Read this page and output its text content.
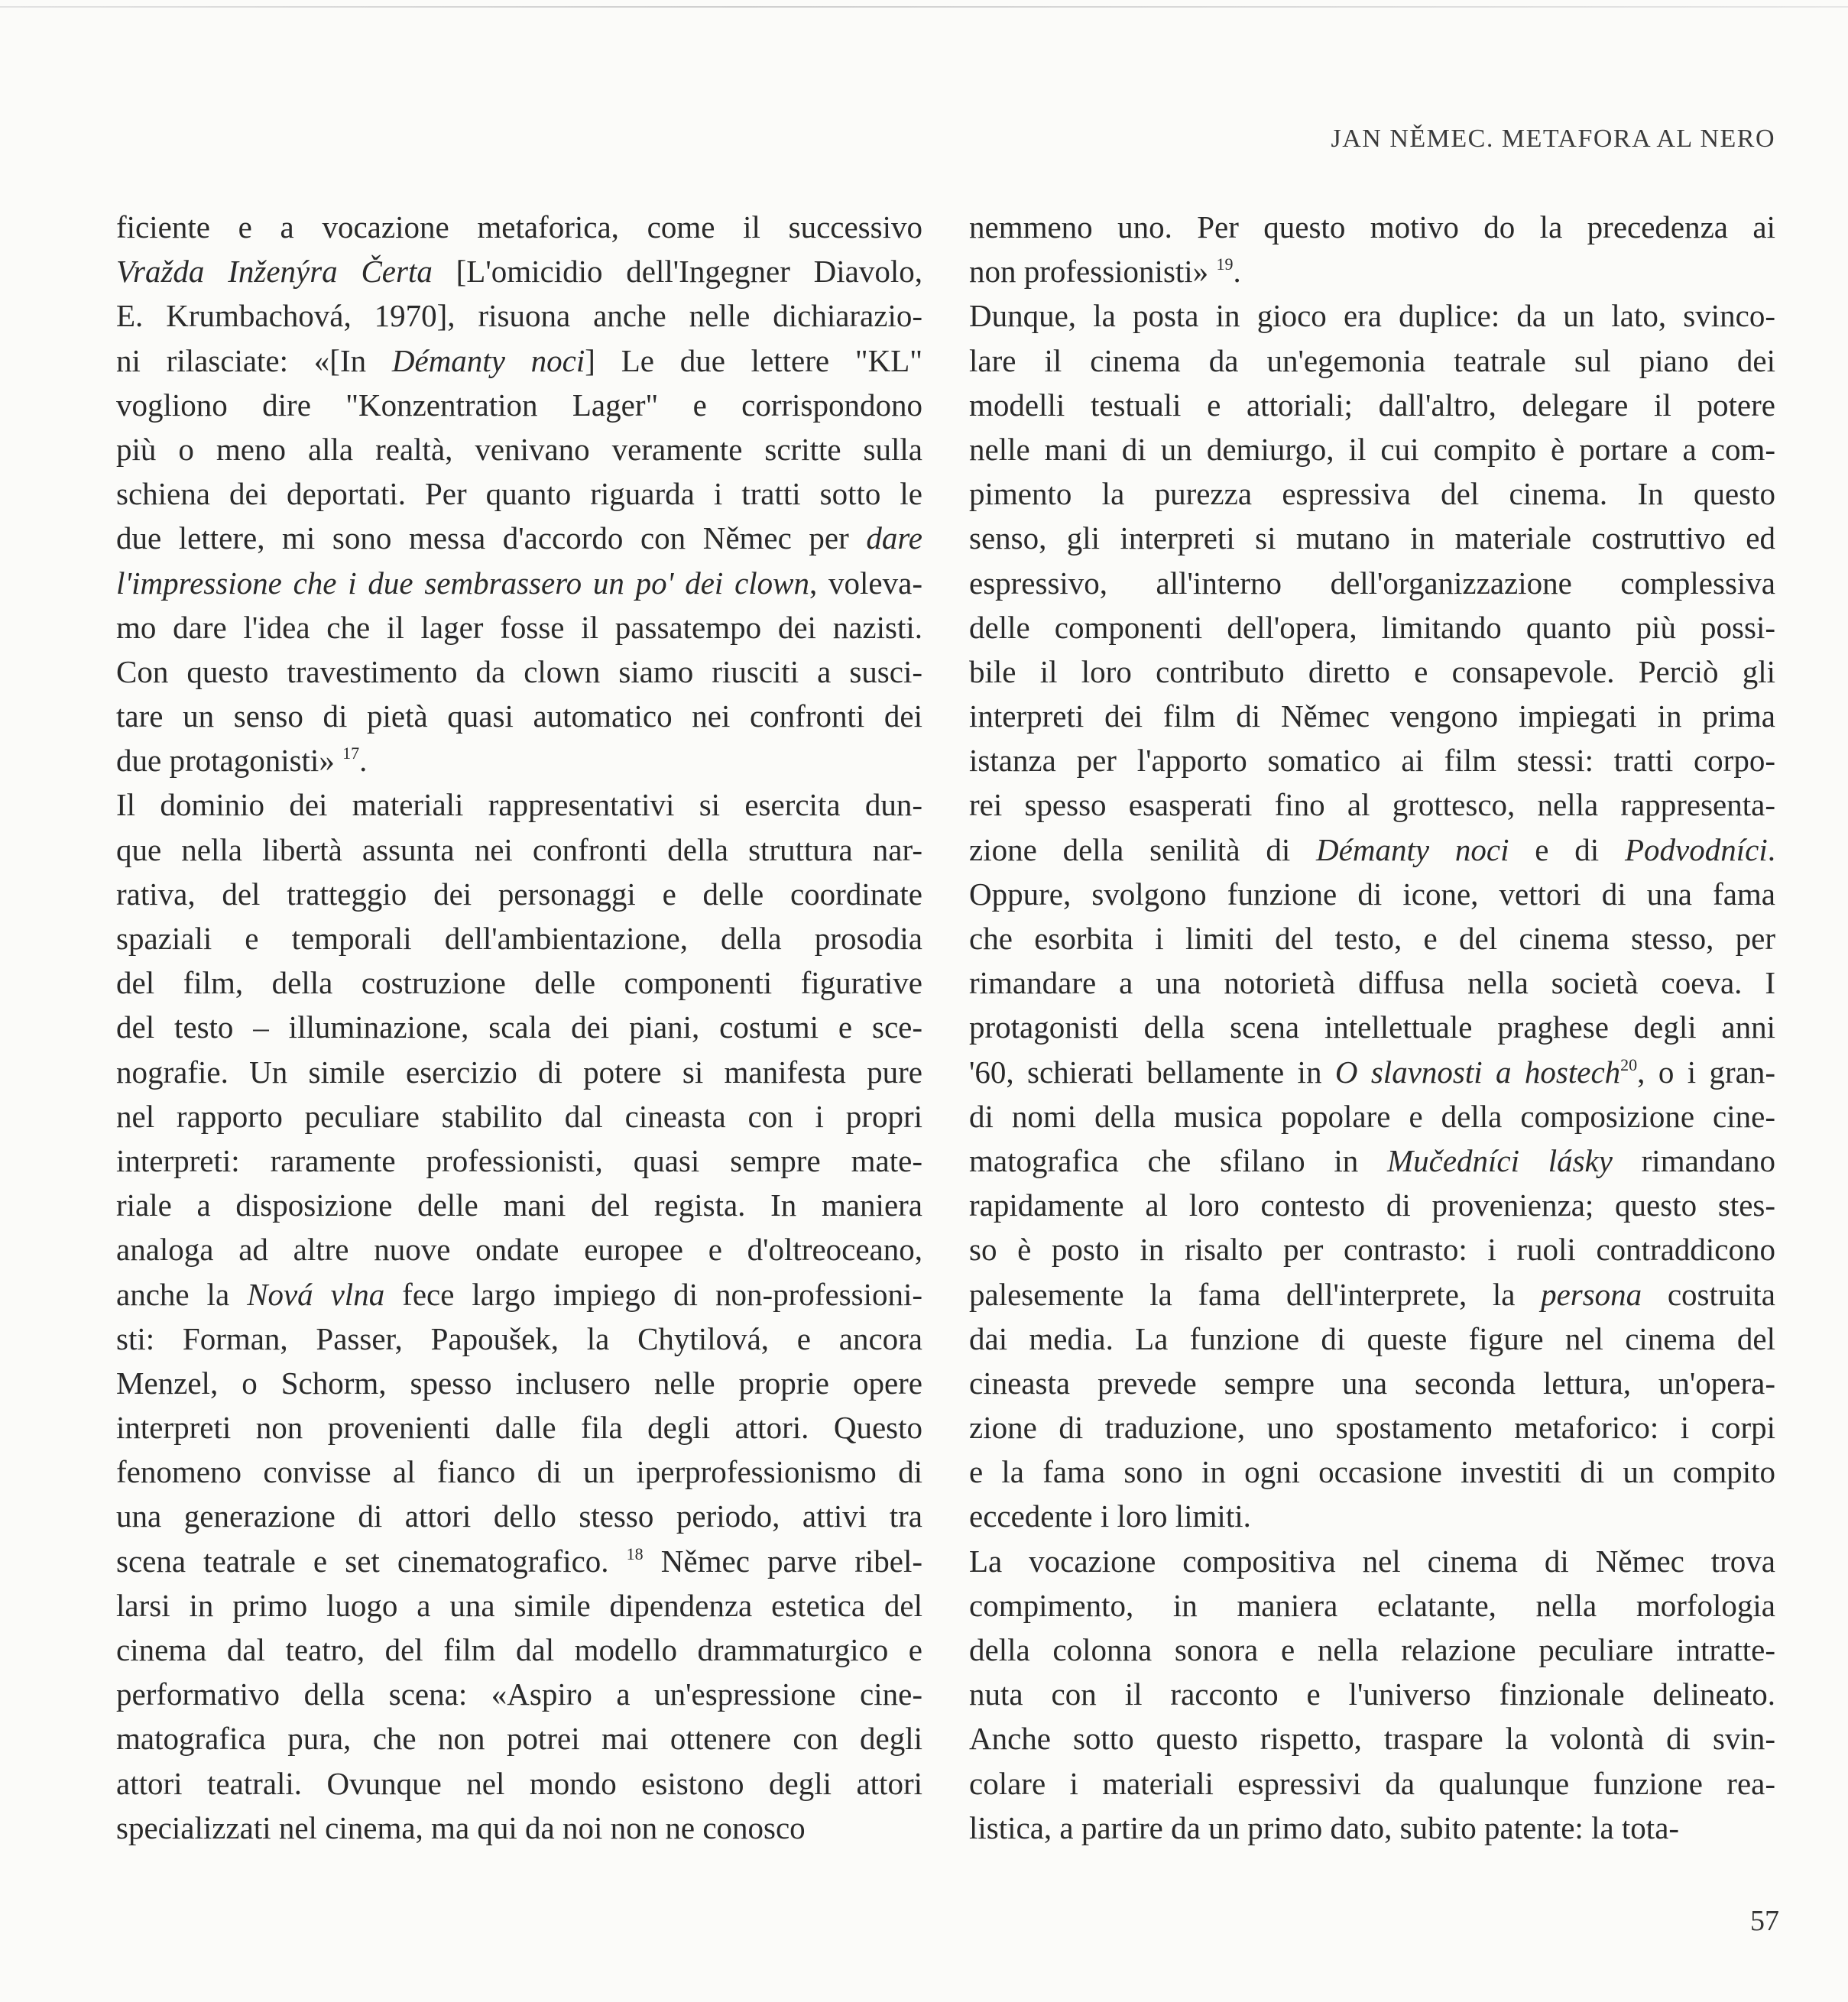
JAN NĚMEC. METAFORA AL NERO
ficiente e a vocazione metaforica, come il successivo
Vražda Inženýra Čerta [L'omicidio dell'Ingegner Diavolo,
E. Krumbachová, 1970], risuona anche nelle dichiarazio-
ni rilasciate: «[In Démanty noci] Le due lettere "KL"
vogliono dire "Konzentration Lager" e corrispondono
più o meno alla realtà, venivano veramente scritte sulla
schiena dei deportati. Per quanto riguarda i tratti sotto le
due lettere, mi sono messa d'accordo con Němec per dare
l'impressione che i due sembrassero un po' dei clown, voleva-
mo dare l'idea che il lager fosse il passatempo dei nazisti.
Con questo travestimento da clown siamo riusciti a susci-
tare un senso di pietà quasi automatico nei confronti dei
due protagonisti» $^{17}$.
Il dominio dei materiali rappresentativi si esercita dun-
que nella libertà assunta nei confronti della struttura nar-
rativa, del tratteggio dei personaggi e delle coordinate
spaziali e temporali dell'ambientazione, della prosodia
del film, della costruzione delle componenti figurative
del testo – illuminazione, scala dei piani, costumi e sce-
nografie. Un simile esercizio di potere si manifesta pure
nel rapporto peculiare stabilito dal cineasta con i propri
interpreti: raramente professionisti, quasi sempre mate-
riale a disposizione delle mani del regista. In maniera
analoga ad altre nuove ondate europee e d'oltreoceano,
anche la Nová vlna fece largo impiego di non-professioni-
sti: Forman, Passer, Papoušek, la Chytilová, e ancora
Menzel, o Schorm, spesso inclusero nelle proprie opere
interpreti non provenienti dalle fila degli attori. Questo
fenomeno convisse al fianco di un iperprofessionismo di
una generazione di attori dello stesso periodo, attivi tra
scena teatrale e set cinematografico. $^{18}$ Němec parve ribel-
larsi in primo luogo a una simile dipendenza estetica del
cinema dal teatro, del film dal modello drammaturgico e
performativo della scena: «Aspiro a un'espressione cine-
matografica pura, che non potrei mai ottenere con degli
attori teatrali. Ovunque nel mondo esistono degli attori
specializzati nel cinema, ma qui da noi non ne conosco
nemmeno uno. Per questo motivo do la precedenza ai
non professionisti» $^{19}$.
Dunque, la posta in gioco era duplice: da un lato, svinco-
lare il cinema da un'egemonia teatrale sul piano dei
modelli testuali e attoriali; dall'altro, delegare il potere
nelle mani di un demiurgo, il cui compito è portare a com-
pimento la purezza espressiva del cinema. In questo
senso, gli interpreti si mutano in materiale costruttivo ed
espressivo, all'interno dell'organizzazione complessiva
delle componenti dell'opera, limitando quanto più possi-
bile il loro contributo diretto e consapevole. Perciò gli
interpreti dei film di Němec vengono impiegati in prima
istanza per l'apporto somatico ai film stessi: tratti corpo-
rei spesso esasperati fino al grottesco, nella rappresenta-
zione della senilità di Démanty noci e di Podvodníci.
Oppure, svolgono funzione di icone, vettori di una fama
che esorbita i limiti del testo, e del cinema stesso, per
rimandare a una notorietà diffusa nella società coeva. I
protagonisti della scena intellettuale praghese degli anni
'60, schierati bellamente in O slavnosti a hostech$^{20}$, o i gran-
di nomi della musica popolare e della composizione cine-
matografica che sfilano in Mučedníci lásky rimandano
rapidamente al loro contesto di provenienza; questo stes-
so è posto in risalto per contrasto: i ruoli contraddicono
palesemente la fama dell'interprete, la persona costruita
dai media. La funzione di queste figure nel cinema del
cineasta prevede sempre una seconda lettura, un'opera-
zione di traduzione, uno spostamento metaforico: i corpi
e la fama sono in ogni occasione investiti di un compito
eccedente i loro limiti.
La vocazione compositiva nel cinema di Němec trova
compimento, in maniera eclatante, nella morfologia
della colonna sonora e nella relazione peculiare intratte-
nuta con il racconto e l'universo finzionale delineato.
Anche sotto questo rispetto, traspare la volontà di svin-
colare i materiali espressivi da qualunque funzione rea-
listica, a partire da un primo dato, subito patente: la tota-
57
